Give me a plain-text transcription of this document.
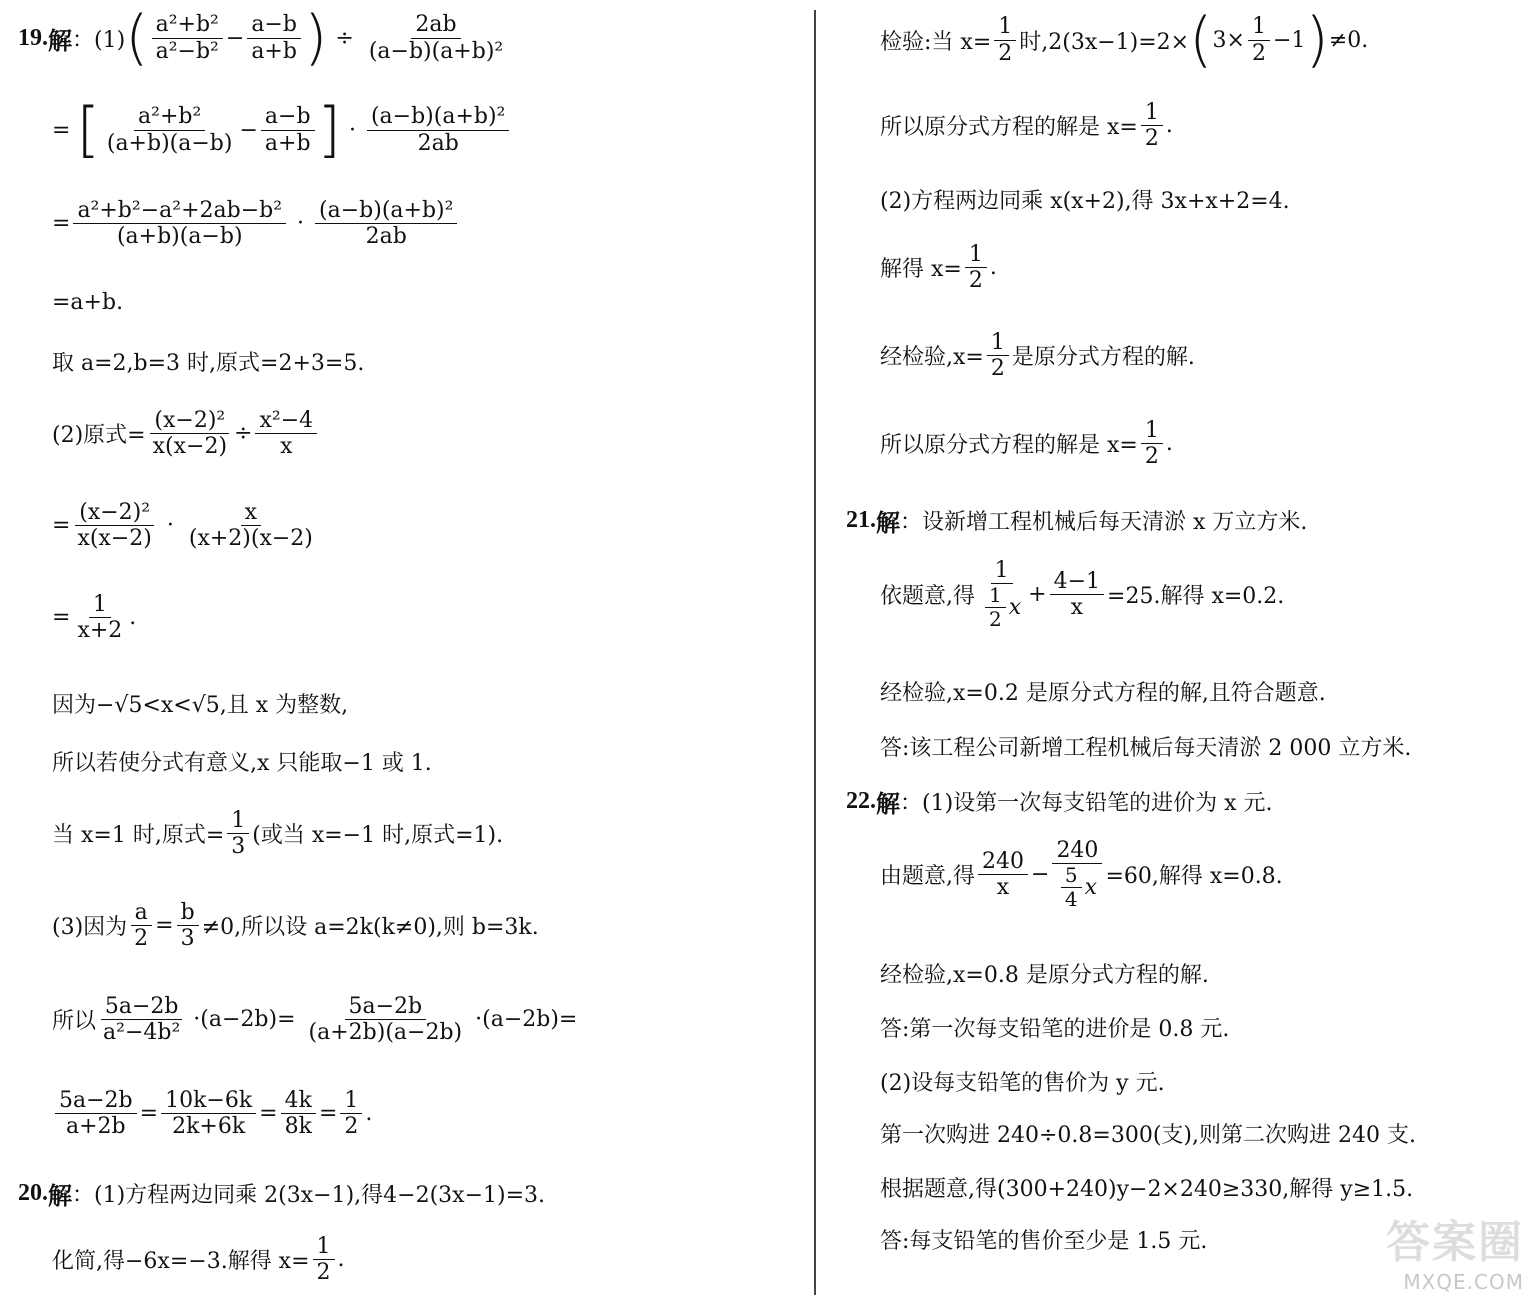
19. 解 ：(1) ( $\frac{\text{a²+b²}}{\text{a²−b²}} - \frac{a-b}{a+b}$ ) ÷ $\frac{2ab}{\text{(a−b)(a+b)²}}$
= [ $\frac{\text{a²+b²}}{(a+b)(a-b)} - \frac{a-b}{a+b}$ ] · $\frac{\text{(a−b)(a+b)²}}{2ab}$
= $\frac{\text{a²+b²−a²+2ab−b²}}{(a+b)(a-b)} \cdot \frac{\text{(a−b)(a+b)²}}{2ab}$
=a+b.
取 a=2,b=3 时,原式=2+3=5.
(2)原式= $\frac{\text{(x−2)²}}{x(x-2)} \div \frac{\text{x²−4}}{x}$
= $\frac{\text{(x−2)²}}{x(x-2)} \cdot \frac{x}{(x+2)(x-2)}$
= $\frac{1}{x+2}$ .
因为−√5<x<√5,且 x 为整数,
所以若使分式有意义,x 只能取−1 或 1.
当 x=1 时,原式= $\frac{1}{3}$ (或当 x=−1 时,原式=1).
(3)因为 $\frac{a}{2} = \frac{b}{3} \ne 0$,所以设 a=2k(k≠0),则 b=3k.
所以 $\frac{5a-2b}{\text{a²−4b²}} \cdot(a-2b)= \frac{5a-2b}{(a+2b)(a-2b)} \cdot(a-2b)=$
$\frac{5a-2b}{a+2b} = \frac{10k-6k}{2k+6k} = \frac{4k}{8k} = \frac{1}{2}$ .
20. 解 ：(1)方程两边同乘 2(3x−1),得4−2(3x−1)=3.
化简,得−6x=−3.解得 $x= \frac{1}{2}$ .
检验:当 $x= \frac{1}{2}$ 时,2(3x−1)=2× ( $3\times \frac{1}{2} -1$ ) ≠0.
所以原分式方程的解是 $x= \frac{1}{2}$ .
(2)方程两边同乘 x(x+2),得 3x+x+2=4.
解得 $x= \frac{1}{2}$ .
经检验$,x= \frac{1}{2}$ 是原分式方程的解.
所以原分式方程的解是 $x= \frac{1}{2}$ .
21. 解 ：设新增工程机械后每天清淤 x 万立方米.
依题意,得 $\frac{1}{\frac{1}{2} x} + \frac{4-1}{x} =25$.解得 x=0.2.
经检验,x=0.2 是原分式方程的解,且符合题意.
答:该工程公司新增工程机械后每天清淤 2 000 立方米.
22. 解 ：(1)设第一次每支铅笔的进价为 x 元.
由题意,得 $\frac{240}{x} - \frac{240}{\frac{5}{4} x} =60$,解得 x=0.8.
经检验,x=0.8 是原分式方程的解.
答:第一次每支铅笔的进价是 0.8 元.
(2)设每支铅笔的售价为 y 元.
第一次购进 240÷0.8=300(支),则第二次购进 240 支.
根据题意,得(300+240)y−2×240≥330,解得 y≥1.5.
答:每支铅笔的售价至少是 1.5 元.	答案圈
MXQE.COM
